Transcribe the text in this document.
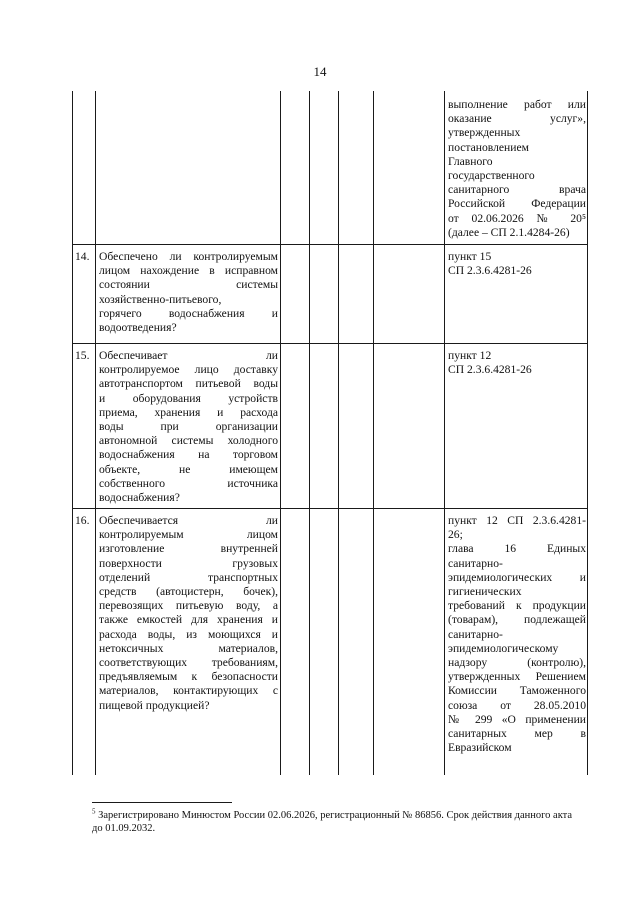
14
выполнение работ или
оказание услуг»,
утвержденных
постановлением
Главного
государственного
санитарного врача
Российской Федерации
от 02.06.2026 № 20⁵
(далее – СП 2.1.4284-26)
14. Обеспечено ли контролируемым
лицом нахождение в исправном
состоянии системы
хозяйственно-питьевого,
горячего водоснабжения и
водоотведения?
пункт 15
СП 2.3.6.4281-26
15. Обеспечивает ли
контролируемое лицо доставку
автотранспортом питьевой воды
и оборудования устройств
приема, хранения и расхода
воды при организации
автономной системы холодного
водоснабжения на торговом
объекте, не имеющем
собственного источника
водоснабжения?
пункт 12
СП 2.3.6.4281-26
16. Обеспечивается ли
контролируемым лицом
изготовление внутренней
поверхности грузовых
отделений транспортных
средств (автоцистерн, бочек),
перевозящих питьевую воду, а
также емкостей для хранения и
расхода воды, из моющихся и
нетоксичных материалов,
соответствующих требованиям,
предъявляемым к безопасности
материалов, контактирующих с
пищевой продукцией?
пункт 12 СП 2.3.6.4281-
26;
глава 16 Единых
санитарно-
эпидемиологических и
гигиенических
требований к продукции
(товарам), подлежащей
санитарно-
эпидемиологическому
надзору (контролю),
утвержденных Решением
Комиссии Таможенного
союза от 28.05.2010
№ 299 «О применении
санитарных мер в
Евразийском
$^5$ Зарегистрировано Минюстом России 02.06.2026, регистрационный № 86856. Срок действия данного акта
до 01.09.2032.
